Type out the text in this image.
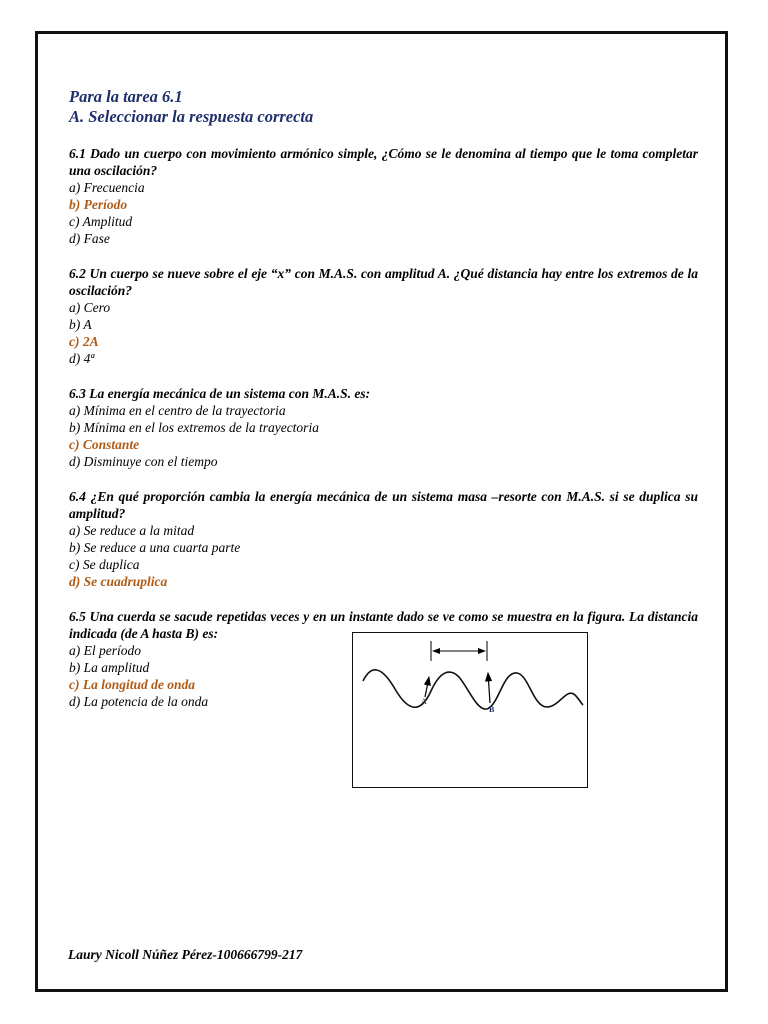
Para la tarea 6.1
A. Seleccionar la respuesta correcta
6.1 Dado un cuerpo con movimiento armónico simple, ¿Cómo se le denomina al tiempo que le toma completar una oscilación?
a) Frecuencia
b) Período
c) Amplitud
d) Fase
6.2 Un cuerpo se nueve sobre el eje “x” con M.A.S. con amplitud A. ¿Qué distancia hay entre los extremos de la oscilación?
a) Cero
b) A
c) 2A
d) 4ª
6.3 La energía mecánica de un sistema con M.A.S. es:
a) Mínima en el centro de la trayectoria
b) Mínima en el los extremos de la trayectoria
c) Constante
d) Disminuye con el tiempo
6.4 ¿En qué proporción cambia la energía mecánica de un sistema masa –resorte con M.A.S. si se duplica su amplitud?
a) Se reduce a la mitad
b) Se reduce a una cuarta parte
c) Se duplica
d) Se cuadruplica
6.5 Una cuerda se sacude repetidas veces y en un instante dado se ve como se muestra en la figura. La distancia indicada (de A hasta B) es:
a) El período
b) La amplitud
c) La longitud de onda
d) La potencia de la onda	A
B
Laury Nicoll Núñez Pérez-100666799-217
